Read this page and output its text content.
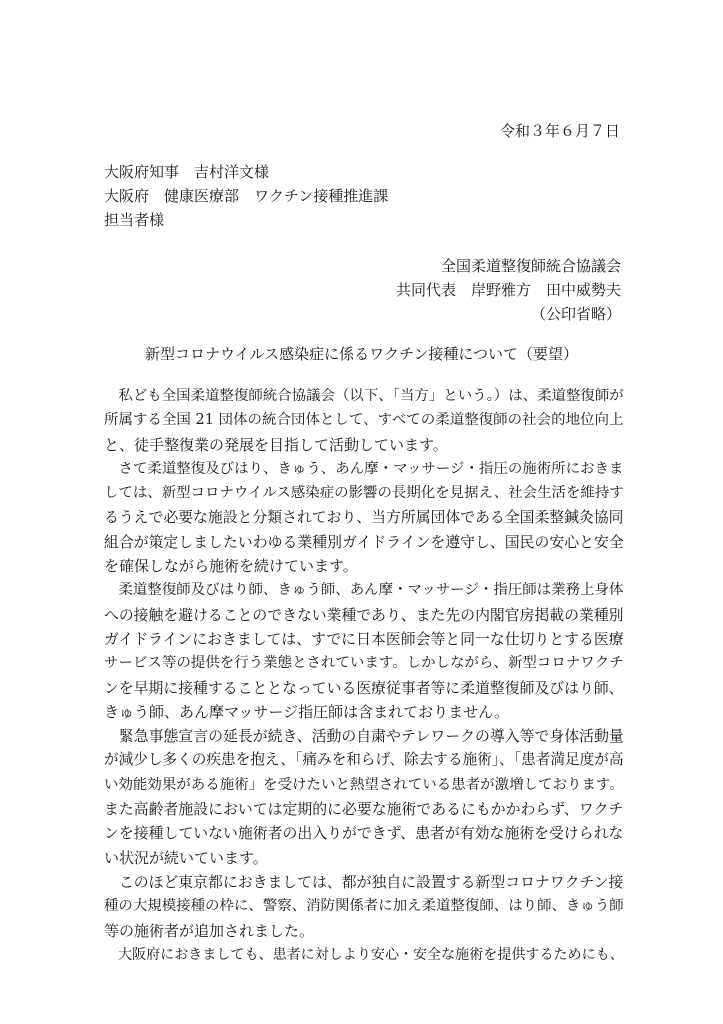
令和３年６月７日
大阪府知事　吉村洋文様
大阪府　健康医療部　ワクチン接種推進課
担当者様
全国柔道整復師統合協議会
共同代表　岸野雅方　田中威勢夫
（公印省略）
新型コロナウイルス感染症に係るワクチン接種について（要望）
　私ども全国柔道整復師統合協議会（以下、「当方」という。）は、柔道整復師が
所属する全国 21 団体の統合団体として、すべての柔道整復師の社会的地位向上
と、徒手整復業の発展を目指して活動しています。
　さて柔道整復及びはり、きゅう、あん摩・マッサージ・指圧の施術所におきま
しては、新型コロナウイルス感染症の影響の長期化を見据え、社会生活を維持す
るうえで必要な施設と分類されており、当方所属団体である全国柔整鍼灸協同
組合が策定しましたいわゆる業種別ガイドラインを遵守し、国民の安心と安全
を確保しながら施術を続けています。
　柔道整復師及びはり師、きゅう師、あん摩・マッサージ・指圧師は業務上身体
への接触を避けることのできない業種であり、また先の内閣官房掲載の業種別
ガイドラインにおきましては、すでに日本医師会等と同一な仕切りとする医療
サービス等の提供を行う業態とされています。しかしながら、新型コロナワクチ
ンを早期に接種することとなっている医療従事者等に柔道整復師及びはり師、
きゅう師、あん摩マッサージ指圧師は含まれておりません。
　緊急事態宣言の延長が続き、活動の自粛やテレワークの導入等で身体活動量
が減少し多くの疾患を抱え、「痛みを和らげ、除去する施術」、「患者満足度が高
い効能効果がある施術」を受けたいと熱望されている患者が激増しております。
また高齢者施設においては定期的に必要な施術であるにもかかわらず、ワクチ
ンを接種していない施術者の出入りができず、患者が有効な施術を受けられな
い状況が続いています。
　このほど東京都におきましては、都が独自に設置する新型コロナワクチン接
種の大規模接種の枠に、警察、消防関係者に加え柔道整復師、はり師、きゅう師
等の施術者が追加されました。
　大阪府におきましても、患者に対しより安心・安全な施術を提供するためにも、
